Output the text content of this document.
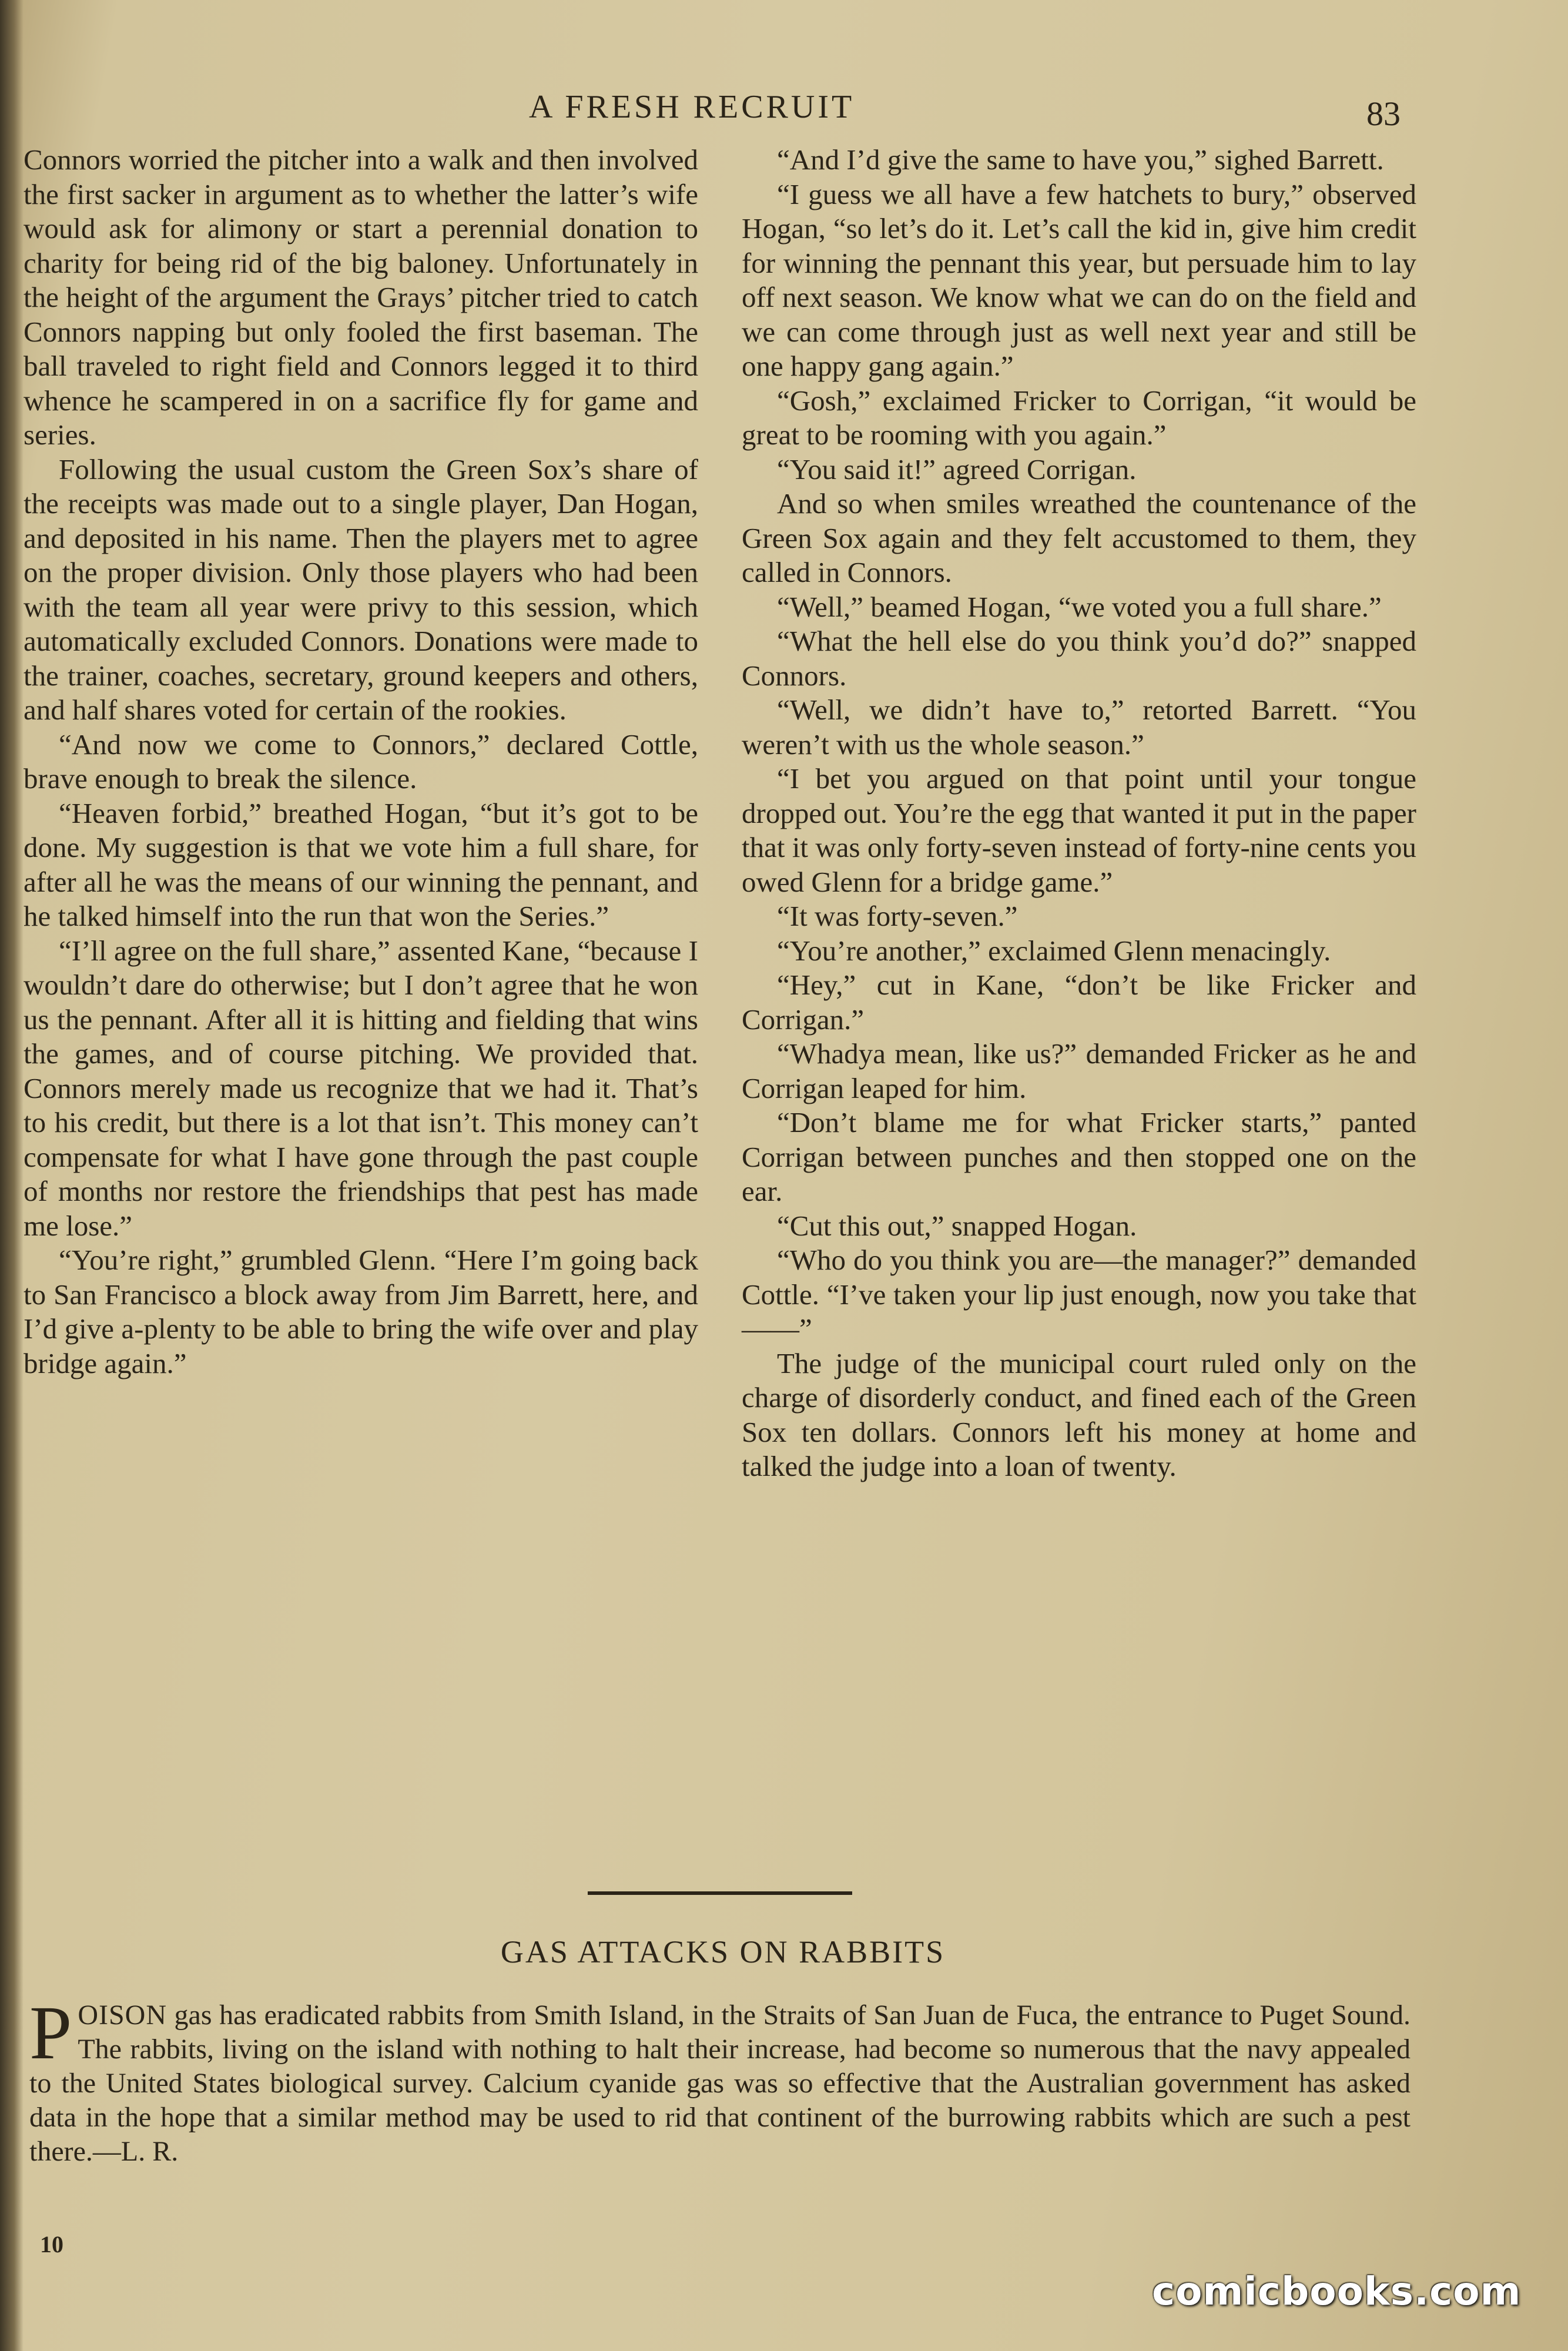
A FRESH RECRUIT	83

Connors worried the pitcher into a walk and then involved the first sacker in argument as to whether the latter’s wife would ask for alimony or start a perennial donation to charity for being rid of the big baloney. Unfortunately in the height of the argument the Grays’ pitcher tried to catch Connors napping but only fooled the first baseman. The ball traveled to right field and Connors legged it to third whence he scampered in on a sacrifice fly for game and series.

Following the usual custom the Green Sox’s share of the receipts was made out to a single player, Dan Hogan, and deposited in his name. Then the players met to agree on the proper division. Only those players who had been with the team all year were privy to this session, which automatically excluded Connors. Donations were made to the trainer, coaches, secretary, ground keepers and others, and half shares voted for certain of the rookies.

“And now we come to Connors,” declared Cottle, brave enough to break the silence.

“Heaven forbid,” breathed Hogan, “but it’s got to be done. My suggestion is that we vote him a full share, for after all he was the means of our winning the pennant, and he talked himself into the run that won the Series.”

“I’ll agree on the full share,” assented Kane, “because I wouldn’t dare do otherwise; but I don’t agree that he won us the pennant. After all it is hitting and fielding that wins the games, and of course pitching. We provided that. Connors merely made us recognize that we had it. That’s to his credit, but there is a lot that isn’t. This money can’t compensate for what I have gone through the past couple of months nor restore the friendships that pest has made me lose.”

“You’re right,” grumbled Glenn. “Here I’m going back to San Francisco a block away from Jim Barrett, here, and I’d give a-plenty to be able to bring the wife over and play bridge again.”

“And I’d give the same to have you,” sighed Barrett.

“I guess we all have a few hatchets to bury,” observed Hogan, “so let’s do it. Let’s call the kid in, give him credit for winning the pennant this year, but persuade him to lay off next season. We know what we can do on the field and we can come through just as well next year and still be one happy gang again.”

“Gosh,” exclaimed Fricker to Corrigan, “it would be great to be rooming with you again.”

“You said it!” agreed Corrigan.

And so when smiles wreathed the countenance of the Green Sox again and they felt accustomed to them, they called in Connors.

“Well,” beamed Hogan, “we voted you a full share.”

“What the hell else do you think you’d do?” snapped Connors.

“Well, we didn’t have to,” retorted Barrett. “You weren’t with us the whole season.”

“I bet you argued on that point until your tongue dropped out. You’re the egg that wanted it put in the paper that it was only forty-seven instead of forty-nine cents you owed Glenn for a bridge game.”

“It was forty-seven.”

“You’re another,” exclaimed Glenn menacingly.

“Hey,” cut in Kane, “don’t be like Fricker and Corrigan.”

“Whadya mean, like us?” demanded Fricker as he and Corrigan leaped for him.

“Don’t blame me for what Fricker starts,” panted Corrigan between punches and then stopped one on the ear.

“Cut this out,” snapped Hogan.

“Who do you think you are—the manager?” demanded Cottle. “I’ve taken your lip just enough, now you take that——”

The judge of the municipal court ruled only on the charge of disorderly conduct, and fined each of the Green Sox ten dollars. Connors left his money at home and talked the judge into a loan of twenty.

GAS ATTACKS ON RABBITS
POISON gas has eradicated rabbits from Smith Island, in the Straits of San Juan de Fuca, the entrance to Puget Sound. The rabbits, living on the island with nothing to halt their increase, had become so numerous that the navy appealed to the United States biological survey. Calcium cyanide gas was so effective that the Australian government has asked data in the hope that a similar method may be used to rid that continent of the burrowing rabbits which are such a pest there.—L. R.
10
comicbooks.com
